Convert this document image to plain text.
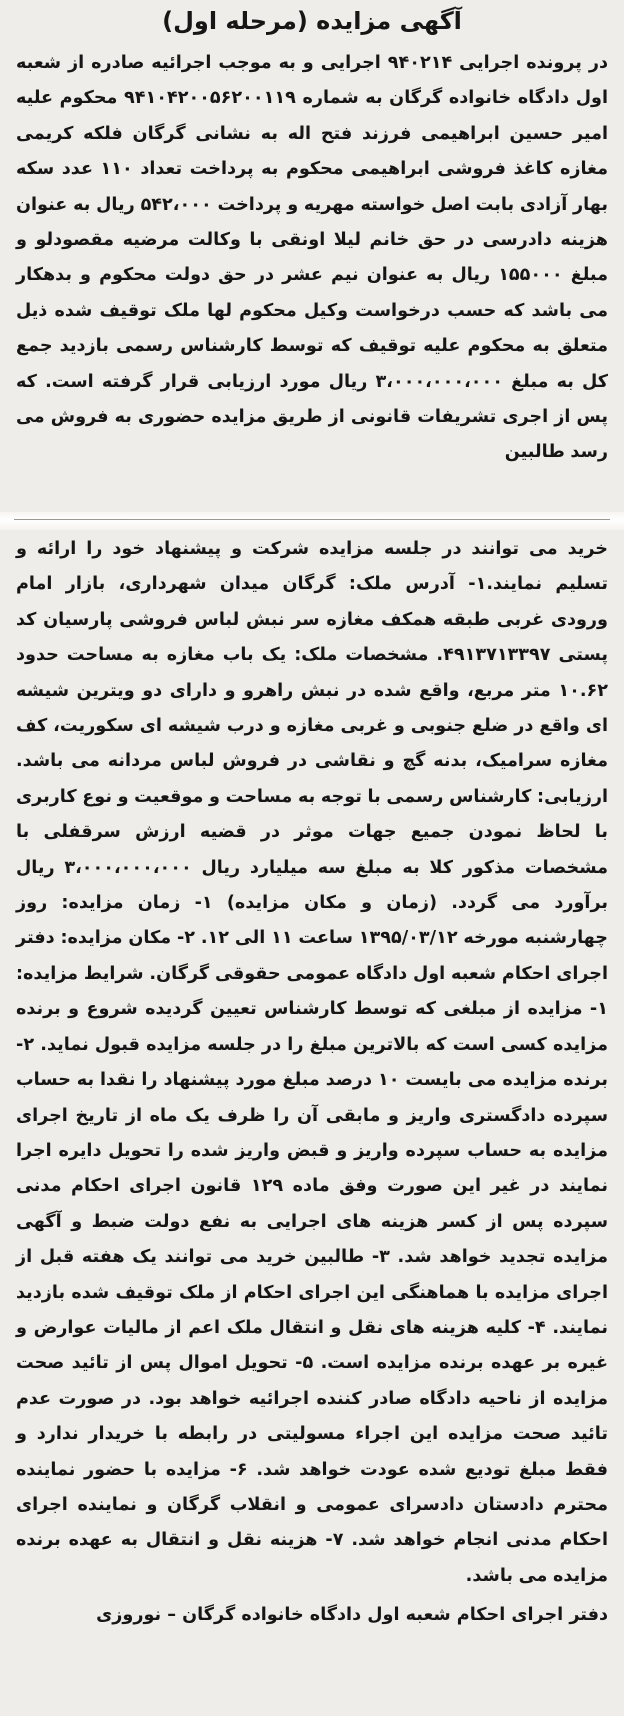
آگهی مزایده (مرحله اول)

در پرونده اجرایی ۹۴۰۲۱۴ اجرایی و به موجب اجرائیه صادره از شعبه اول دادگاه خانواده گرگان به شماره ۹۴۱۰۴۲۰۰۵۶۲۰۰۱۱۹ محکوم علیه امیر حسین ابراهیمی فرزند فتح اله به نشانی گرگان فلکه کریمی مغازه کاغذ فروشی ابراهیمی محکوم به پرداخت تعداد ۱۱۰ عدد سکه بهار آزادی بابت اصل خواسته مهریه و پرداخت ۵۴۲،۰۰۰ ریال به عنوان هزینه دادرسی در حق خانم لیلا اونقی با وکالت مرضیه مقصودلو و مبلغ ۱۵۵۰۰۰ ریال به عنوان نیم عشر در حق دولت محکوم و بدهکار می باشد که حسب درخواست وکیل محکوم لها ملک توقیف شده ذیل متعلق به محکوم علیه توقیف که توسط کارشناس رسمی بازدید جمع کل به مبلغ ۳،۰۰۰،۰۰۰،۰۰۰ ریال مورد ارزیابی قرار گرفته است. که پس از اجری تشریفات قانونی از طریق مزایده حضوری به فروش می رسد طالبین

خرید می توانند در جلسه مزایده شرکت و پیشنهاد خود را ارائه و تسلیم نمایند.۱- آدرس ملک: گرگان میدان شهرداری، بازار امام ورودی غربی طبقه همکف مغازه سر نبش لباس فروشی پارسیان کد پستی ۴۹۱۳۷۱۳۳۹۷. مشخصات ملک: یک باب مغازه به مساحت حدود ۱۰.۶۲ متر مربع، واقع شده در نبش راهرو و دارای دو ویترین شیشه ای واقع در ضلع جنوبی و غربی مغازه و درب شیشه ای سکوریت، کف مغازه سرامیک، بدنه گچ و نقاشی در فروش لباس مردانه می باشد. ارزیابی: کارشناس رسمی با توجه به مساحت و موقعیت و نوع کاربری با لحاظ نمودن جمیع جهات موثر در قضیه ارزش سرقفلی با مشخصات مذکور کلا به مبلغ سه میلیارد ریال ۳،۰۰۰،۰۰۰،۰۰۰ ریال برآورد می گردد. (زمان و مکان مزایده) ۱- زمان مزایده: روز چهارشنبه مورخه ۱۳۹۵/۰۳/۱۲ ساعت ۱۱ الی ۱۲. ۲- مکان مزایده: دفتر اجرای احکام شعبه اول دادگاه عمومی حقوقی گرگان. شرایط مزایده: ۱- مزایده از مبلغی که توسط کارشناس تعیین گردیده شروع و برنده مزایده کسی است که بالاترین مبلغ را در جلسه مزایده قبول نماید. ۲- برنده مزایده می بایست ۱۰ درصد مبلغ مورد پیشنهاد را نقدا به حساب سپرده دادگستری واریز و مابقی آن را ظرف یک ماه از تاریخ اجرای مزایده به حساب سپرده واریز و قبض واریز شده را تحویل دایره اجرا نمایند در غیر این صورت وفق ماده ۱۲۹ قانون اجرای احکام مدنی سپرده پس از کسر هزینه های اجرایی به نفع دولت ضبط و آگهی مزایده تجدید خواهد شد. ۳- طالبین خرید می توانند یک هفته قبل از اجرای مزایده با هماهنگی این اجرای احکام از ملک توقیف شده بازدید نمایند. ۴- کلیه هزینه های نقل و انتقال ملک اعم از مالیات عوارض و غیره بر عهده برنده مزایده است. ۵- تحویل اموال پس از تائید صحت مزایده از ناحیه دادگاه صادر کننده اجرائیه خواهد بود. در صورت عدم تائید صحت مزایده این اجراء مسولیتی در رابطه با خریدار ندارد و فقط مبلغ تودیع شده عودت خواهد شد. ۶- مزایده با حضور نماینده محترم دادستان دادسرای عمومی و انقلاب گرگان و نماینده اجرای احکام مدنی انجام خواهد شد. ۷- هزینه نقل و انتقال به عهده برنده مزایده می باشد.

دفتر اجرای احکام شعبه اول دادگاه خانواده گرگان – نوروزی
